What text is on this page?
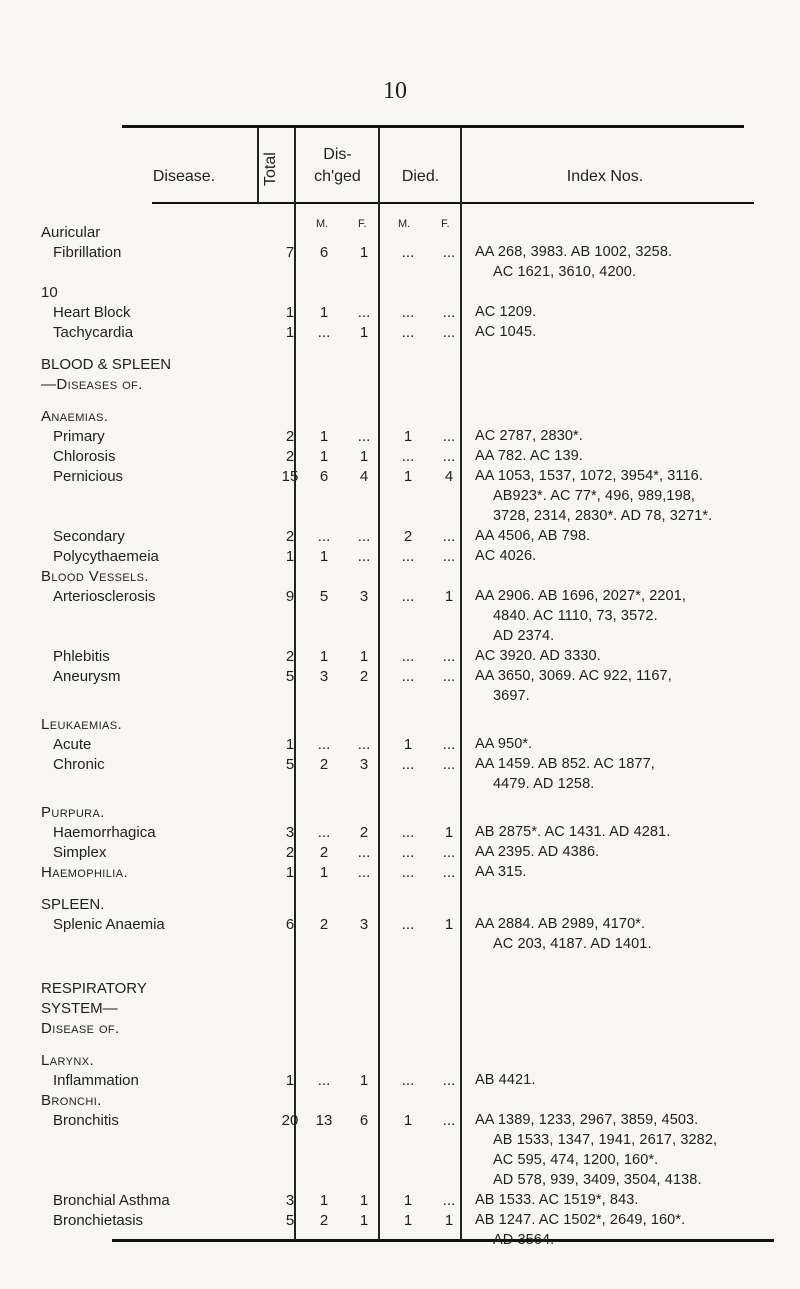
10
Disease.	Total	Dis-
ch'ged	Died.	Index Nos.
M.	F.	M.	F.
Auricular
Fibrillation	7	6	1	...	...	AA 268, 3983. AB 1002, 3258.
AC 1621, 3610, 4200.
10
Heart Block	1	1	...	...	...	AC 1209.
Tachycardia	1	...	1	...	...	AC 1045.
BLOOD & SPLEEN
—Diseases of.
Anaemias.
Primary	2	1	...	1	...	AC 2787, 2830*.
Chlorosis	2	1	1	...	...	AA 782. AC 139.
Pernicious	15	6	4	1	4	AA 1053, 1537, 1072, 3954*, 3116.
AB923*. AC 77*, 496, 989,198,
3728, 2314, 2830*. AD 78, 3271*.
Secondary	2	...	...	2	...	AA 4506, AB 798.
Polycythaemeia	1	1	...	...	...	AC 4026.
Blood Vessels.
Arteriosclerosis	9	5	3	...	1	AA 2906. AB 1696, 2027*, 2201,
4840. AC 1110, 73, 3572.
AD 2374.
Phlebitis	2	1	1	...	...	AC 3920. AD 3330.
Aneurysm	5	3	2	...	...	AA 3650, 3069. AC 922, 1167,
3697.
Leukaemias.
Acute	1	...	...	1	...	AA 950*.
Chronic	5	2	3	...	...	AA 1459. AB 852. AC 1877,
4479. AD 1258.
Purpura.
Haemorrhagica	3	...	2	...	1	AB 2875*. AC 1431. AD 4281.
Simplex	2	2	...	...	...	AA 2395. AD 4386.
Haemophilia.	1	1	...	...	...	AA 315.
SPLEEN.
Splenic Anaemia	6	2	3	...	1	AA 2884. AB 2989, 4170*.
AC 203, 4187. AD 1401.
RESPIRATORY
SYSTEM—
Disease of.
Larynx.
Inflammation	1	...	1	...	...	AB 4421.
Bronchi.
Bronchitis	20	13	6	1	...	AA 1389, 1233, 2967, 3859, 4503.
AB 1533, 1347, 1941, 2617, 3282,
AC 595, 474, 1200, 160*.
AD 578, 939, 3409, 3504, 4138.
Bronchial Asthma	3	1	1	1	...	AB 1533. AC 1519*, 843.
Bronchietasis	5	2	1	1	1	AB 1247. AC 1502*, 2649, 160*.
AD 3564.
